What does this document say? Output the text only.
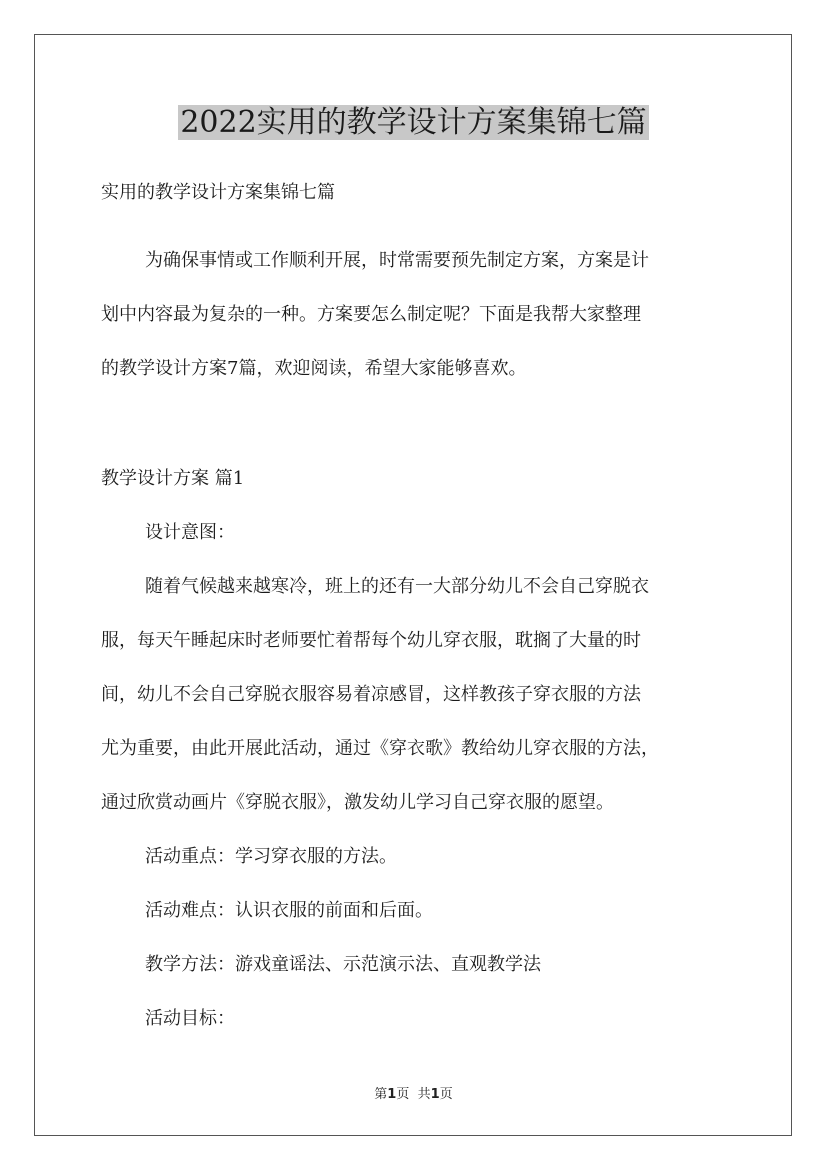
2022实用的教学设计方案集锦七篇
实用的教学设计方案集锦七篇
为确保事情或工作顺利开展，时常需要预先制定方案，方案是计
划中内容最为复杂的一种。方案要怎么制定呢？下面是我帮大家整理
的教学设计方案7篇，欢迎阅读，希望大家能够喜欢。
教学设计方案 篇1
设计意图：
随着气候越来越寒冷，班上的还有一大部分幼儿不会自己穿脱衣
服，每天午睡起床时老师要忙着帮每个幼儿穿衣服，耽搁了大量的时
间，幼儿不会自己穿脱衣服容易着凉感冒，这样教孩子穿衣服的方法
尤为重要，由此开展此活动，通过《穿衣歌》教给幼儿穿衣服的方法，
通过欣赏动画片《穿脱衣服》，激发幼儿学习自己穿衣服的愿望。
活动重点：学习穿衣服的方法。
活动难点：认识衣服的前面和后面。
教学方法：游戏童谣法、示范演示法、直观教学法
活动目标：
第1页 共1页
